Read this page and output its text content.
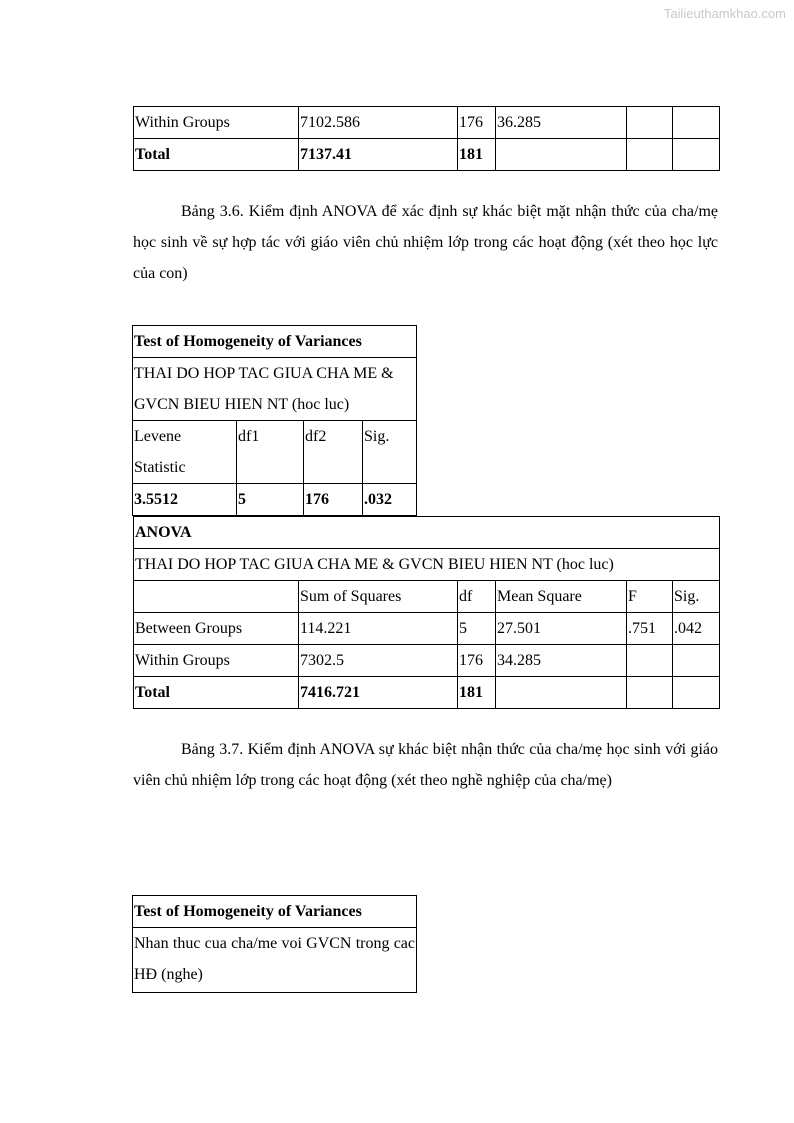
Tailieuthamkhao.com
Within Groups	7102.586	176	36.285		
Total	7137.41	181			

Bảng 3.6. Kiểm định ANOVA để xác định sự khác biệt mặt nhận thức của cha/mẹ học sinh về sự hợp tác với giáo viên chủ nhiệm lớp trong các hoạt động (xét theo học lực của con)

Test of Homogeneity of Variances			
THAI DO HOP TAC GIUA CHA ME & GVCN BIEU HIEN NT (hoc luc)			
Levene Statistic	df1	df2	Sig.
3.5512	5	176	.032
ANOVA					
THAI DO HOP TAC GIUA CHA ME & GVCN BIEU HIEN NT (hoc luc)					
	Sum of Squares	df	Mean Square	F	Sig.
Between Groups	114.221	5	27.501	.751	.042
Within Groups	7302.5	176	34.285		
Total	7416.721	181			

Bảng 3.7. Kiểm định ANOVA sự khác biệt nhận thức của cha/mẹ học sinh với giáo viên chủ nhiệm lớp trong các hoạt động (xét theo nghề nghiệp của cha/mẹ)

Test of Homogeneity of Variances
Nhan thuc cua cha/me voi GVCN trong cac HĐ (nghe)
